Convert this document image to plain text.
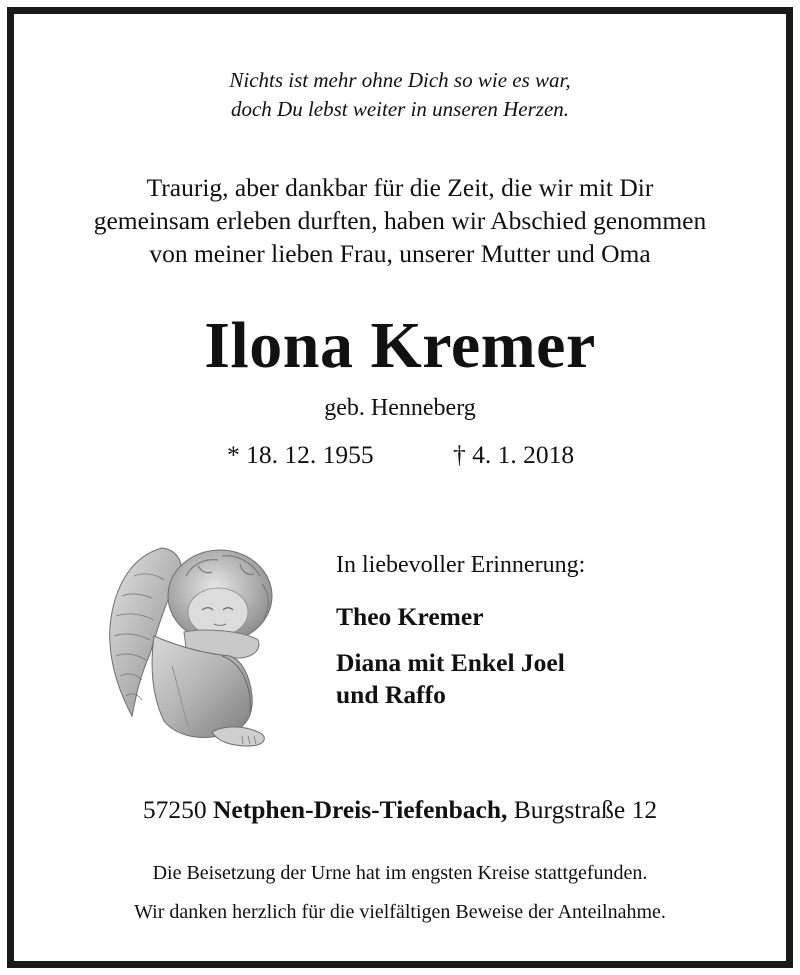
Nichts ist mehr ohne Dich so wie es war,
doch Du lebst weiter in unseren Herzen.
Traurig, aber dankbar für die Zeit, die wir mit Dir
gemeinsam erleben durften, haben wir Abschied genommen
von meiner lieben Frau, unserer Mutter und Oma
Ilona Kremer
geb. Henneberg
* 18. 12. 1955	† 4. 1. 2018
In liebevoller Erinnerung:
Theo Kremer
Diana mit Enkel Joel
und Raffo
57250 Netphen-Dreis-Tiefenbach, Burgstraße 12
Die Beisetzung der Urne hat im engsten Kreise stattgefunden.
Wir danken herzlich für die vielfältigen Beweise der Anteilnahme.
